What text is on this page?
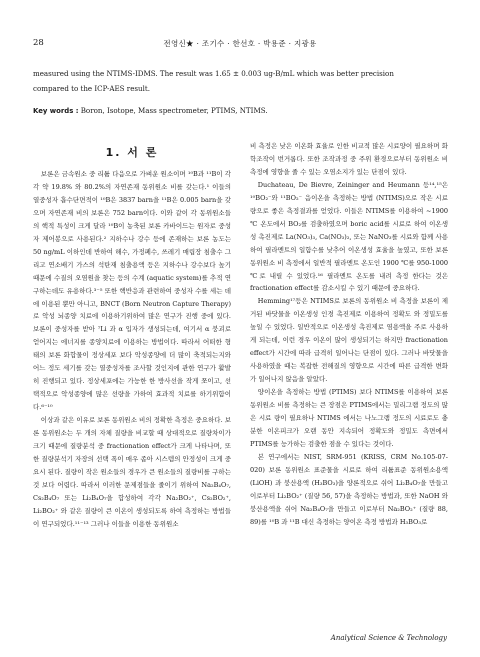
28	전영신★ · 조기수 · 한선호 · 박용준 · 지광용

measured using the NTIMS-IDMS. The result was 1.65 ± 0.003 ug-B/mL which was better precision

compared to the ICP-AES result.

Key words : Boron, Isotope, Mass spectrometer, PTIMS, NTIMS.
1. 서 론

보론은 금속원소 중 리튬 다음으로 가벼운 원소이며 ¹⁰B과 ¹¹B이 각각 약 19.8% 와 80.2%의 자연존재 동위원소 비를 갖는다.¹ 이들의 열중성자 흡수단면적이 ¹⁰B은 3837 barn을 ¹¹B은 0.005 barn을 갖으며 자연존재 비의 보론은 752 barn이다. 이와 같이 각 동위원소들의 핵적 특성이 크게 달라 ¹⁰B이 농축된 보론 카바이드는 원자로 중성자 제어봉으로 사용된다.² 지하수나 강수 등에 존재하는 보론 농도는 50 ng/mL 이하인데 반하여 해수, 가정폐수, 쓰레기 매립장 침출수 그리고 연소배기 가스의 석탄재 침출용액 등은 지하수나 강수보다 높기 때문에 수질의 오염원을 찾는 등의 수계 (aquatic system)를 추적 연구하는데도 유용하다.³⁻⁵ 또한 핵반응과 관련하여 중성자 수를 세는 데에 이용된 뿐만 아니고, BNCT (Born Neutron Capture Therapy)로 악성 뇌종양 치료에 이용하기위하여 많은 연구가 진행 중에 있다. 보론이 중성자를 받아 ⁷Li 과 α 입자가 생성되는데, 여기서 α 붕괴로 얻어지는 에너지를 종양치료에 이용하는 방법이다. 따라서 어떠한 형태의 보론 화합물이 정상세포 보다 악성종양에 더 많이 축적되는지와 어느 정도 세기를 갖는 열중성자를 조사할 것인지에 관한 연구가 활발히 진행되고 있다. 정상세포에는 가능한 한 방사선을 작게 쪼이고, 선택적으로 악성종양에 많은 선량을 가하여 효과적 치료를 하기위함이다.⁶⁻¹⁰

이상과 같은 이유로 보론 동위원소 비의 정확한 측정은 중요하다. 보론 동위원소는 두 개의 자체 질량을 비교할 때 상대적으로 질량차이가 크기 때문에 질량분석 중 fractionation effect가 크게 나타나며, 또한 질량분석기 자장의 선택 폭이 매우 좁아 시스템의 안정성이 크게 중요시 된다. 질량이 작은 원소들의 경우가 큰 원소들의 질량비를 구하는 것 보다 어렵다. 따라서 이러한 문제점들을 줄이기 위하여 Na₂B₄O₇, Cs₂B₄O₇ 또는 Li₂B₄O₇을 합성하여 각각 Na₂BO₂⁺, Cs₂BO₂⁺, Li₂BO₂⁺ 와 같은 질량이 큰 이온이 생성되도록 하여 측정하는 방법들이 연구되었다.¹¹⁻¹³ 그러나 이들을 이용한 동위원소

비 측정은 낮은 이온화 효율로 인한 비교적 많은 시료양이 필요하며 화학조작이 번거롭다. 또한 조작과정 중 주위 환경으로부터 동위원소 비 측정에 영향을 줄 수 있는 오염소지가 있는 단점이 있다.

Duchateau, De Bievre, Zeininger and Heumann 등¹⁴,¹⁵은 ¹⁰BO₂⁻와 ¹¹BO₂⁻ 음이온을 측정하는 방법 (NTIMS)으로 작은 시료 량으로 좋은 측정결과를 얻었다. 이들은 NTIMS를 이용하여 ~1900 ℃ 온도에서 BO₂를 검출하였으며 boric acid를 시료로 하여 이온생성 촉진제로 La(NO₃)₃, Ca(NO₃)₂, 또는 NaNO₃를 시료와 함께 사용하여 필라멘트의 일함수를 낮추어 이온생성 효율을 높였고, 또한 보론 동위원소 비 측정에서 일반적 필라멘트 온도인 1900 ℃를 950-1000 ℃로 내릴 수 있었다.¹⁶ 필라멘트 온도를 내려 측정 한다는 것은 fractionation effect를 감소시킬 수 있기 때문에 중요하다.

Hemming¹⁷등은 NTIMS로 보론의 동위원소 비 측정을 보론이 제거된 바닷물을 이온생성 인경 촉진제로 이용하여 정확도 와 정밀도를 높일 수 있었다. 일반적으로 이온생성 촉진제로 염용액을 주로 사용하게 되는데, 이런 경우 이온이 많이 생성되기는 하지만 fractionation effect가 시간에 따라 급격히 일어나는 단점이 있다. 그러나 바닷물을 사용하였을 때는 복잡한 전해질의 영향으로 시간에 따른 급격한 변화가 일어나지 않음을 알았다.

양이온을 측정하는 방법 (PTIMS) 보다 NTIMS를 이용하여 보론 동위원소 비를 측정하는 큰 장점은 PTIMS에서는 밀리그램 정도의 많은 시료 량이 필요하나 NTIMS 에서는 나노그램 정도의 시료로도 충분한 이온피크가 오랜 동안 지속되어 정확도와 정밀도 측면에서 PTIMS를 능가하는 검출한 점을 수 있다는 것이다.

본 연구에서는 NIST, SRM-951 (KRISS, CRM No.105-07-020) 보론 동위원소 표준물을 시료로 하여 리튬표준 동위원소용액 (LiOH) 과 붕산용액 (H₃BO₃)을 양론적으로 쉬어 Li₂B₄O₇을 만들고 이로부터 Li₂BO₂⁺ (질량 56, 57)을 측정하는 방법과, 또한 NaOH 와 붕산용액을 쉬어 Na₂B₄O₇을 만들고 이로부터 Na₂BO₂⁺ (질량 88, 89)를 ¹⁰B 과 ¹¹B 대신 측정하는 양이온 측정 방법과 H₃BO₃로

Analytical Science & Technology
